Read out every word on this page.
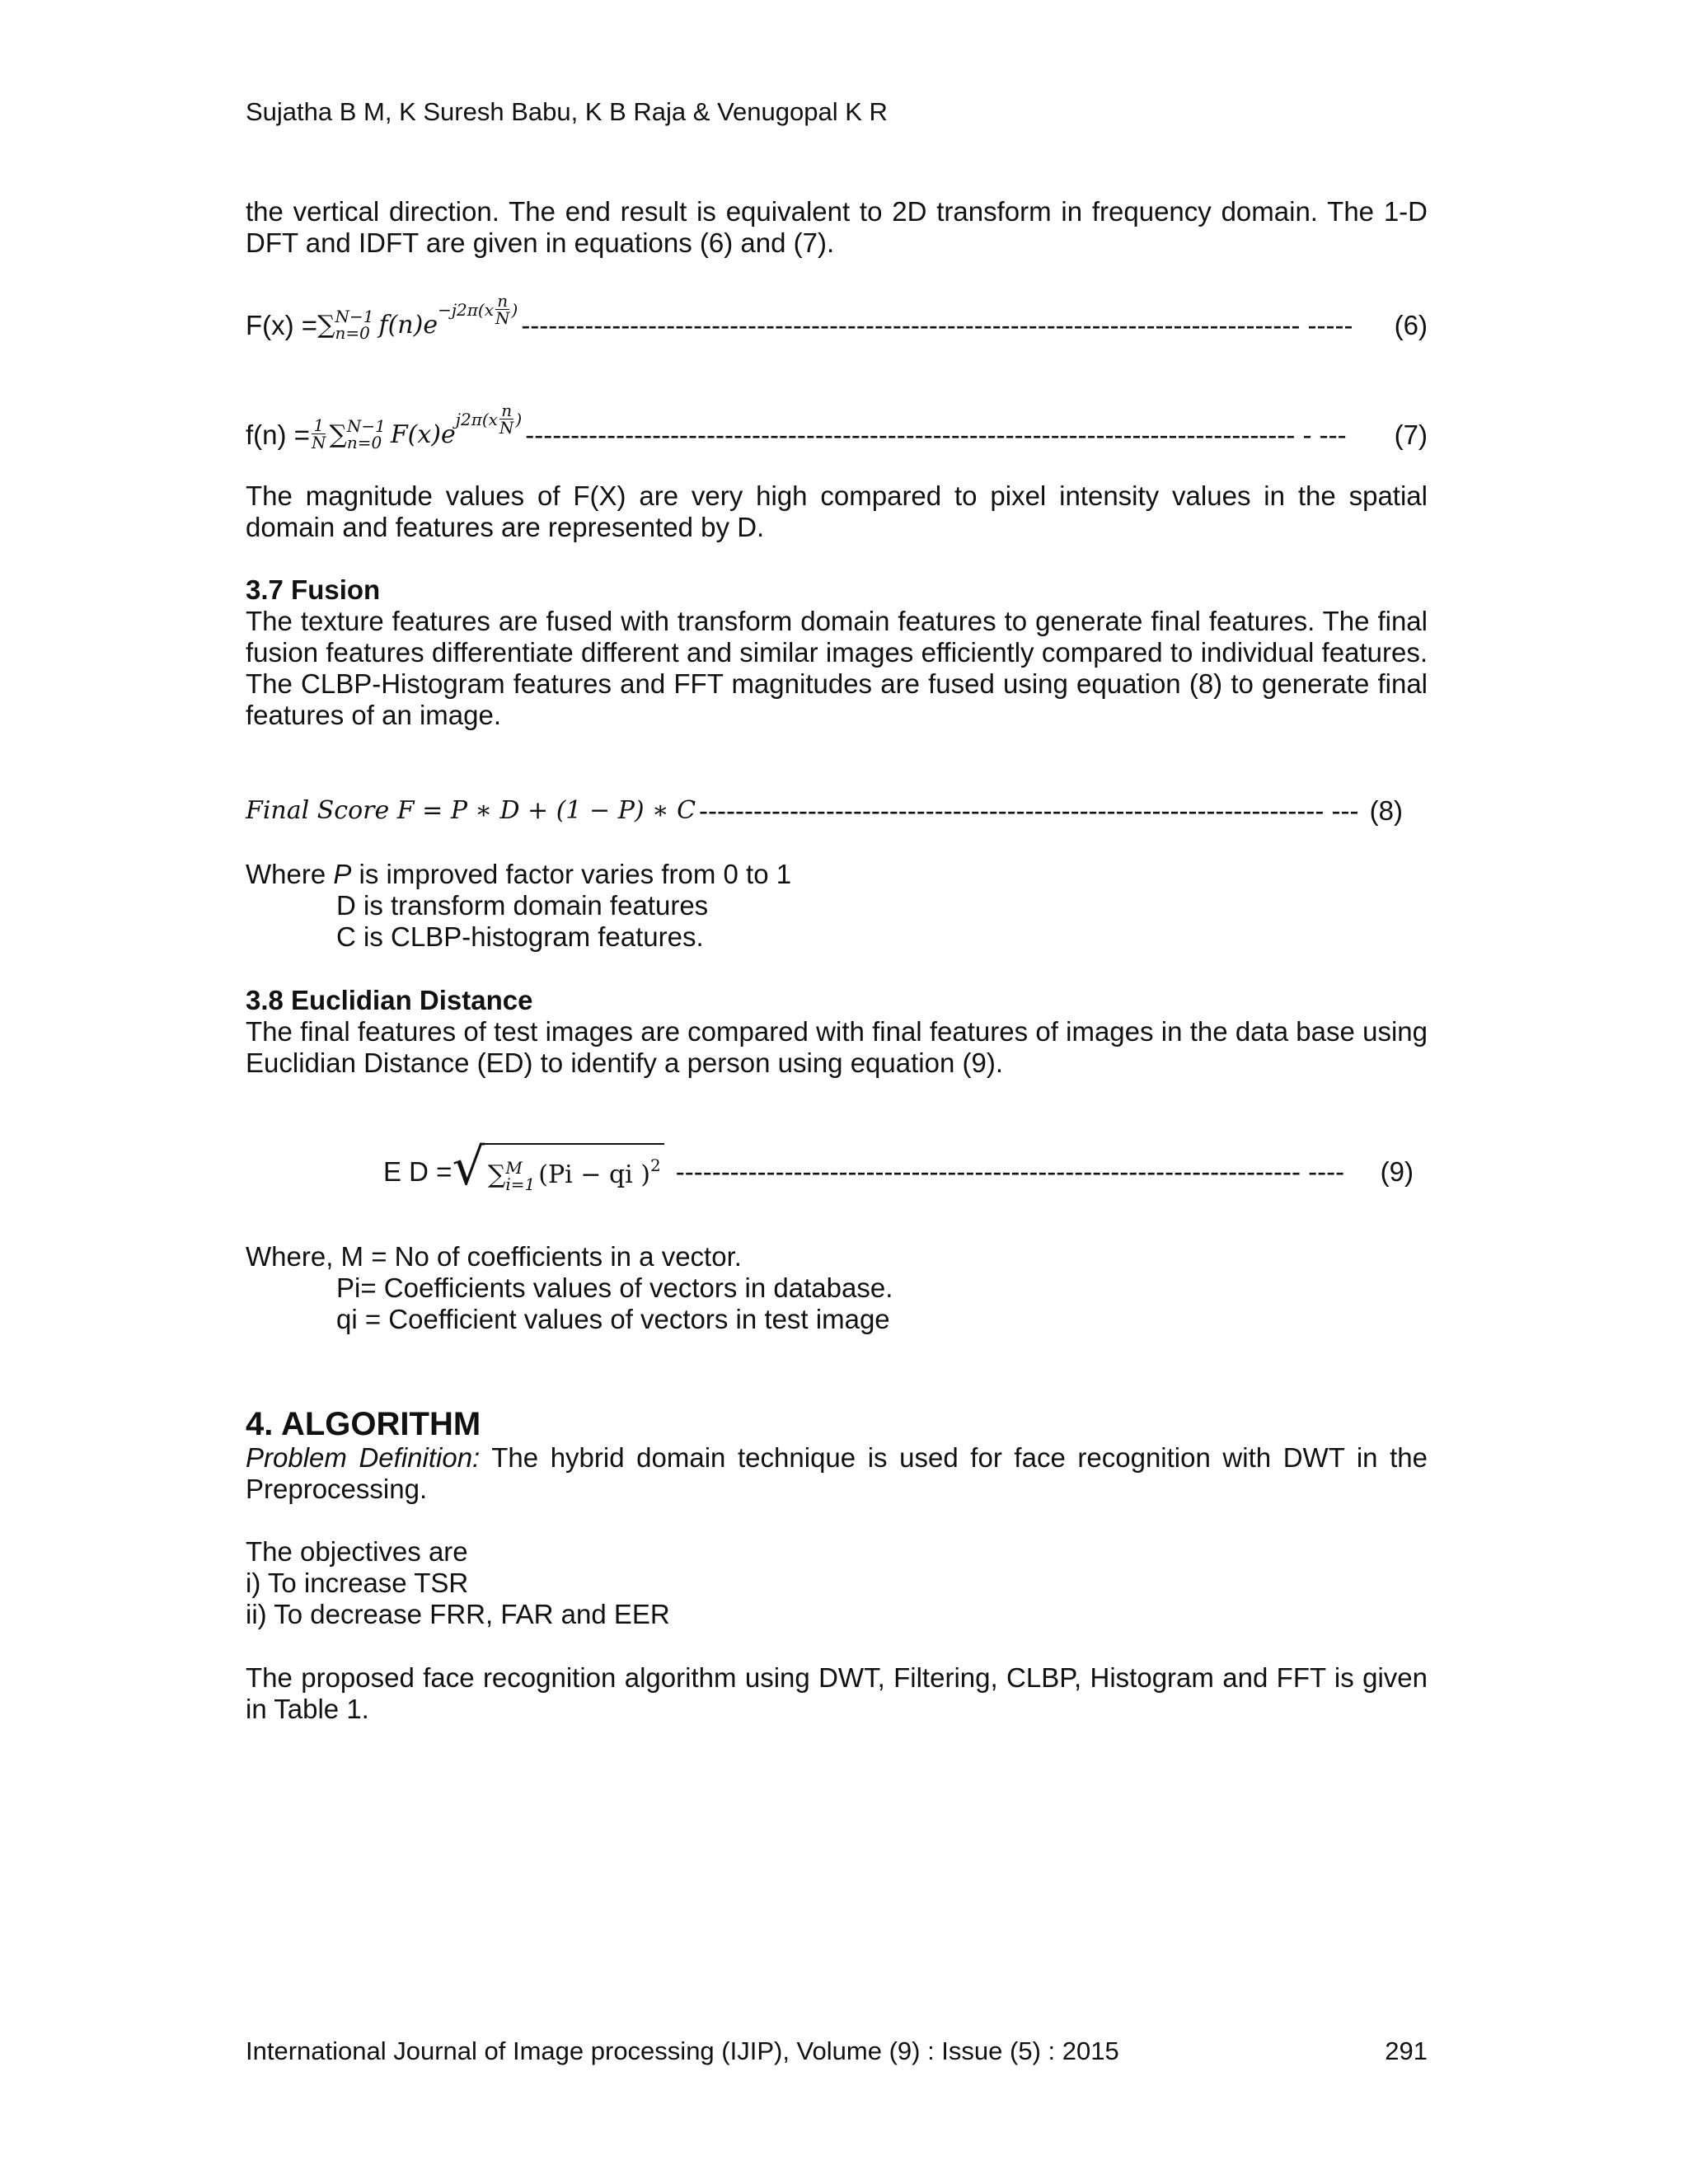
Sujatha B M, K Suresh Babu, K B Raja & Venugopal K R

the vertical direction. The end result is equivalent to 2D transform in frequency domain. The 1-D DFT and IDFT are given in equations (6) and (7).

F(x) = ∑ N−1
n=0 f(n)e
$-j2\pi(x \frac{n}{N}$ )
-------------------------------------------------------------------------------------- -----	(6)
$f(n) = \frac{1}{N}$ ∑ N−1
n=0 F(x)e
$j2\pi(x \frac{n}{N}$ )
------------------------------------------------------------------------------------- - ---	(7)

The magnitude values of F(X) are very high compared to pixel intensity values in the spatial domain and features are represented by D.

3.7 Fusion

The texture features are fused with transform domain features to generate final features. The final fusion features differentiate different and similar images efficiently compared to individual features. The CLBP-Histogram features and FFT magnitudes are fused using equation (8) to generate final features of an image.

Final Score F = P ∗ D + (1 − P) ∗ C --------------------------------------------------------------------- --- (8)
Where P is improved factor varies from 0 to 1
D is transform domain features
C is CLBP-histogram features.
3.8 Euclidian Distance

The final features of test images are compared with final features of images in the data base using Euclidian Distance (ED) to identify a person using equation (9).

E D = √ ∑ M
i=1 (Pi − qi )$^2$ --------------------------------------------------------------------- ----	(9)
Where, M = No of coefficients in a vector.
Pi= Coefficients values of vectors in database.
qi = Coefficient values of vectors in test image
4. ALGORITHM

Problem Definition: The hybrid domain technique is used for face recognition with DWT in the Preprocessing.

The objectives are
i) To increase TSR
ii) To decrease FRR, FAR and EER

The proposed face recognition algorithm using DWT, Filtering, CLBP, Histogram and FFT is given in Table 1.

International Journal of Image processing (IJIP), Volume (9) : Issue (5) : 2015	291
